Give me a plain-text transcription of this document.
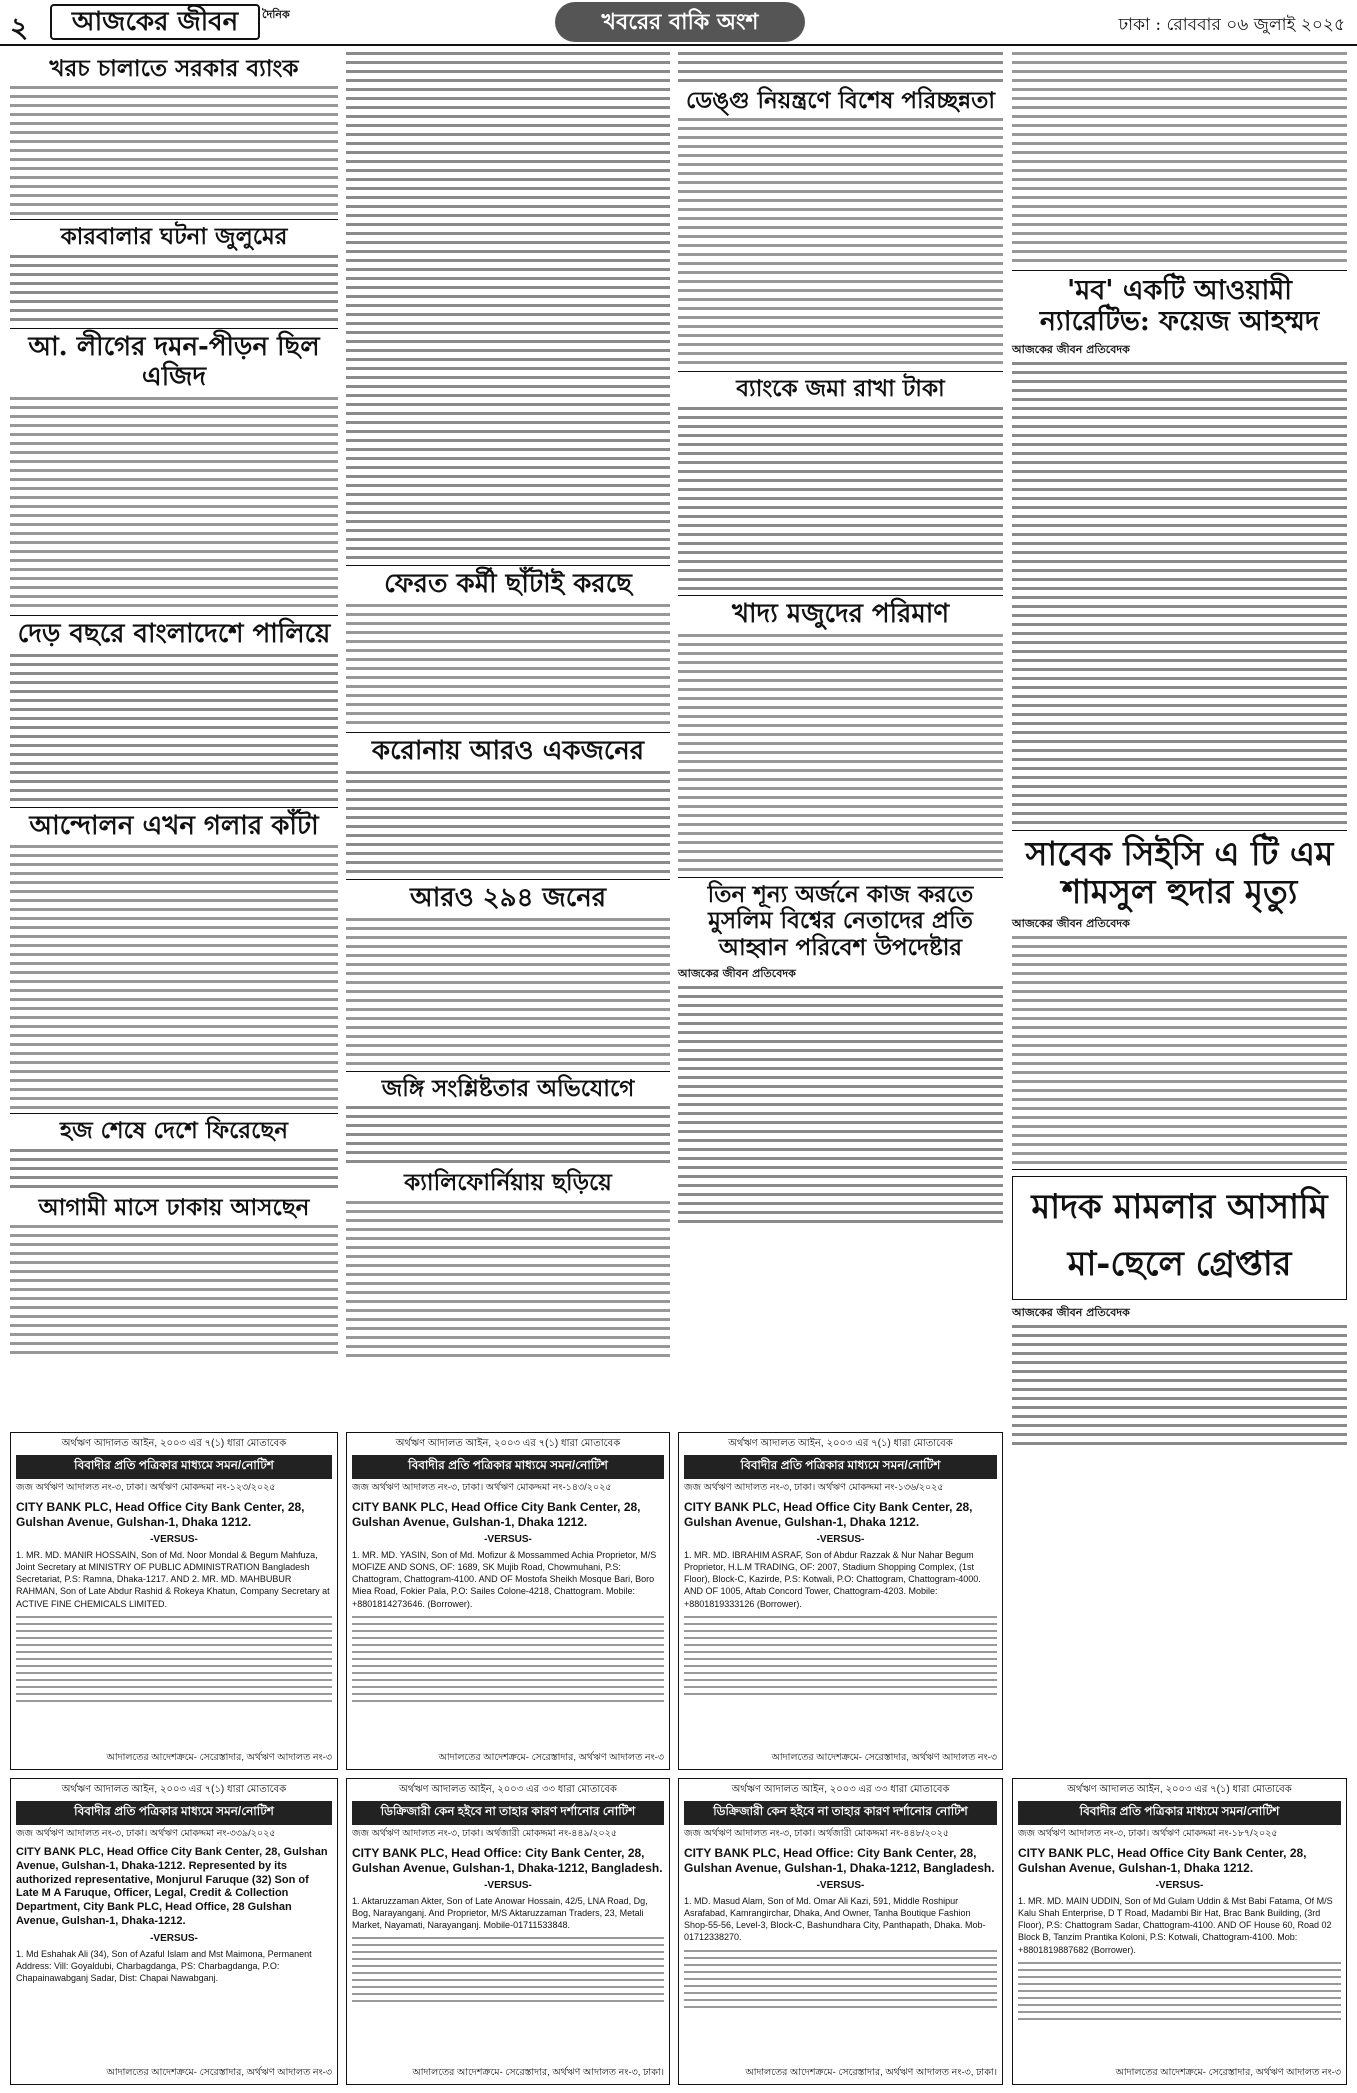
২	আজকের জীবন	দৈনিক	খবরের বাকি অংশ	ঢাকা : রোববার ০৬ জুলাই ২০২৫
খরচ চালাতে সরকার ব্যাংক
কারবালার ঘটনা জুলুমের
আ. লীগের দমন-পীড়ন ছিল এজিদ
দেড় বছরে বাংলাদেশে পালিয়ে
আন্দোলন এখন গলার কাঁটা
হজ শেষে দেশে ফিরেছেন
আগামী মাসে ঢাকায় আসছেন
ফেরত কর্মী ছাঁটাই করছে
করোনায় আরও একজনের
আরও ২৯৪ জনের
জঙ্গি সংশ্লিষ্টতার অভিযোগে
ক্যালিফোর্নিয়ায় ছড়িয়ে
ডেঙ্গু নিয়ন্ত্রণে বিশেষ পরিচ্ছন্নতা
ব্যাংকে জমা রাখা টাকা
খাদ্য মজুদের পরিমাণ
তিন শূন্য অর্জনে কাজ করতে মুসলিম বিশ্বের নেতাদের প্রতি আহ্বান পরিবেশ উপদেষ্টার
আজকের জীবন প্রতিবেদক
'মব' একটি আওয়ামী ন্যারেটিভ: ফয়েজ আহম্মদ
আজকের জীবন প্রতিবেদক
সাবেক সিইসি এ টি এম শামসুল হুদার মৃত্যু
আজকের জীবন প্রতিবেদক
মাদক মামলার আসামি মা-ছেলে গ্রেপ্তার
আজকের জীবন প্রতিবেদক
অর্থঋণ আদালত আইন, ২০০৩ এর ৭(১) ধারা মোতাবেক
বিবাদীর প্রতি পত্রিকার মাধ্যমে সমন/নোটিশ
জজ অর্থঋণ আদালত নং-৩, ঢাকা। অর্থঋণ মোকদ্দমা নং-১২৩/২০২৫
CITY BANK PLC, Head Office City Bank Center, 28, Gulshan Avenue, Gulshan-1, Dhaka 1212.
-VERSUS-
1. MR. MD. MANIR HOSSAIN, Son of Md. Noor Mondal & Begum Mahfuza, Joint Secretary at MINISTRY OF PUBLIC ADMINISTRATION Bangladesh Secretariat, P.S: Ramna, Dhaka-1217. AND 2. MR. MD. MAHBUBUR RAHMAN, Son of Late Abdur Rashid & Rokeya Khatun, Company Secretary at ACTIVE FINE CHEMICALS LIMITED.
আদালতের আদেশক্রমে- সেরেস্তাদার, অর্থঋণ আদালত নং-৩
অর্থঋণ আদালত আইন, ২০০৩ এর ৭(১) ধারা মোতাবেক
বিবাদীর প্রতি পত্রিকার মাধ্যমে সমন/নোটিশ
জজ অর্থঋণ আদালত নং-৩, ঢাকা। অর্থঋণ মোকদ্দমা নং-১৪৩/২০২৫
CITY BANK PLC, Head Office City Bank Center, 28, Gulshan Avenue, Gulshan-1, Dhaka 1212.
-VERSUS-
1. MR. MD. YASIN, Son of Md. Mofizur & Mossammed Achia Proprietor, M/S MOFIZE AND SONS, OF: 1689, SK Mujib Road, Chowmuhani, P.S: Chattogram, Chattogram-4100. AND OF Mostofa Sheikh Mosque Bari, Boro Miea Road, Fokier Pala, P.O: Sailes Colone-4218, Chattogram. Mobile: +8801814273646. (Borrower).
আদালতের আদেশক্রমে- সেরেস্তাদার, অর্থঋণ আদালত নং-৩
অর্থঋণ আদালত আইন, ২০০৩ এর ৭(১) ধারা মোতাবেক
বিবাদীর প্রতি পত্রিকার মাধ্যমে সমন/নোটিশ
জজ অর্থঋণ আদালত নং-৩, ঢাকা। অর্থঋণ মোকদ্দমা নং-১৩৬/২০২৫
CITY BANK PLC, Head Office City Bank Center, 28, Gulshan Avenue, Gulshan-1, Dhaka 1212.
-VERSUS-
1. MR. MD. IBRAHIM ASRAF, Son of Abdur Razzak & Nur Nahar Begum Proprietor, H.L.M TRADING, OF: 2007, Stadium Shopping Complex, (1st Floor), Block-C, Kazirde, P.S: Kotwali, P.O: Chattogram, Chattogram-4000. AND OF 1005, Aftab Concord Tower, Chattogram-4203. Mobile: +8801819333126 (Borrower).
আদালতের আদেশক্রমে- সেরেস্তাদার, অর্থঋণ আদালত নং-৩
অর্থঋণ আদালত আইন, ২০০৩ এর ৭(১) ধারা মোতাবেক
বিবাদীর প্রতি পত্রিকার মাধ্যমে সমন/নোটিশ
জজ অর্থঋণ আদালত নং-৩, ঢাকা। অর্থঋণ মোকদ্দমা নং-৩৩৯/২০২৫
CITY BANK PLC, Head Office City Bank Center, 28, Gulshan Avenue, Gulshan-1, Dhaka-1212. Represented by its authorized representative, Monjurul Faruque (32) Son of Late M A Faruque, Officer, Legal, Credit & Collection Department, City Bank PLC, Head Office, 28 Gulshan Avenue, Gulshan-1, Dhaka-1212.
-VERSUS-
1. Md Eshahak Ali (34), Son of Azaful Islam and Mst Maimona, Permanent Address: Vill: Goyaldubi, Charbagdanga, PS: Charbagdanga, P.O: Chapainawabganj Sadar, Dist: Chapai Nawabganj.
আদালতের আদেশক্রমে- সেরেস্তাদার, অর্থঋণ আদালত নং-৩
অর্থঋণ আদালত আইন, ২০০৩ এর ৩৩ ধারা মোতাবেক
ডিক্রিজারী কেন হইবে না তাহার কারণ দর্শানোর নোটিশ
জজ অর্থঋণ আদালত নং-৩, ঢাকা। অর্থজারী মোকদ্দমা নং-৪৪৯/২০২৫
CITY BANK PLC, Head Office: City Bank Center, 28, Gulshan Avenue, Gulshan-1, Dhaka-1212, Bangladesh.
-VERSUS-
1. Aktaruzzaman Akter, Son of Late Anowar Hossain, 42/5, LNA Road, Dg, Bog, Narayanganj. And Proprietor, M/S Aktaruzzaman Traders, 23, Metali Market, Nayamati, Narayanganj. Mobile-01711533848.
আদালতের আদেশক্রমে- সেরেস্তাদার, অর্থঋণ আদালত নং-৩, ঢাকা।
অর্থঋণ আদালত আইন, ২০০৩ এর ৩৩ ধারা মোতাবেক
ডিক্রিজারী কেন হইবে না তাহার কারণ দর্শানোর নোটিশ
জজ অর্থঋণ আদালত নং-৩, ঢাকা। অর্থজারী মোকদ্দমা নং-৪৪৮/২০২৫
CITY BANK PLC, Head Office: City Bank Center, 28, Gulshan Avenue, Gulshan-1, Dhaka-1212, Bangladesh.
-VERSUS-
1. MD. Masud Alam, Son of Md. Omar Ali Kazi, 591, Middle Roshipur Asrafabad, Kamrangirchar, Dhaka, And Owner, Tanha Boutique Fashion Shop-55-56, Level-3, Block-C, Bashundhara City, Panthapath, Dhaka. Mob-01712338270.
আদালতের আদেশক্রমে- সেরেস্তাদার, অর্থঋণ আদালত নং-৩, ঢাকা।
অর্থঋণ আদালত আইন, ২০০৩ এর ৭(১) ধারা মোতাবেক
বিবাদীর প্রতি পত্রিকার মাধ্যমে সমন/নোটিশ
জজ অর্থঋণ আদালত নং-৩, ঢাকা। অর্থঋণ মোকদ্দমা নং-১৮৭/২০২৫
CITY BANK PLC, Head Office City Bank Center, 28, Gulshan Avenue, Gulshan-1, Dhaka 1212.
-VERSUS-
1. MR. MD. MAIN UDDIN, Son of Md Gulam Uddin & Mst Babi Fatama, Of M/S Kalu Shah Enterprise, D T Road, Madambi Bir Hat, Brac Bank Building, (3rd Floor), P.S: Chattogram Sadar, Chattogram-4100. AND OF House 60, Road 02 Block B, Tanzim Prantika Koloni, P.S: Kotwali, Chattogram-4100. Mob: +8801819887682 (Borrower).
আদালতের আদেশক্রমে- সেরেস্তাদার, অর্থঋণ আদালত নং-৩
